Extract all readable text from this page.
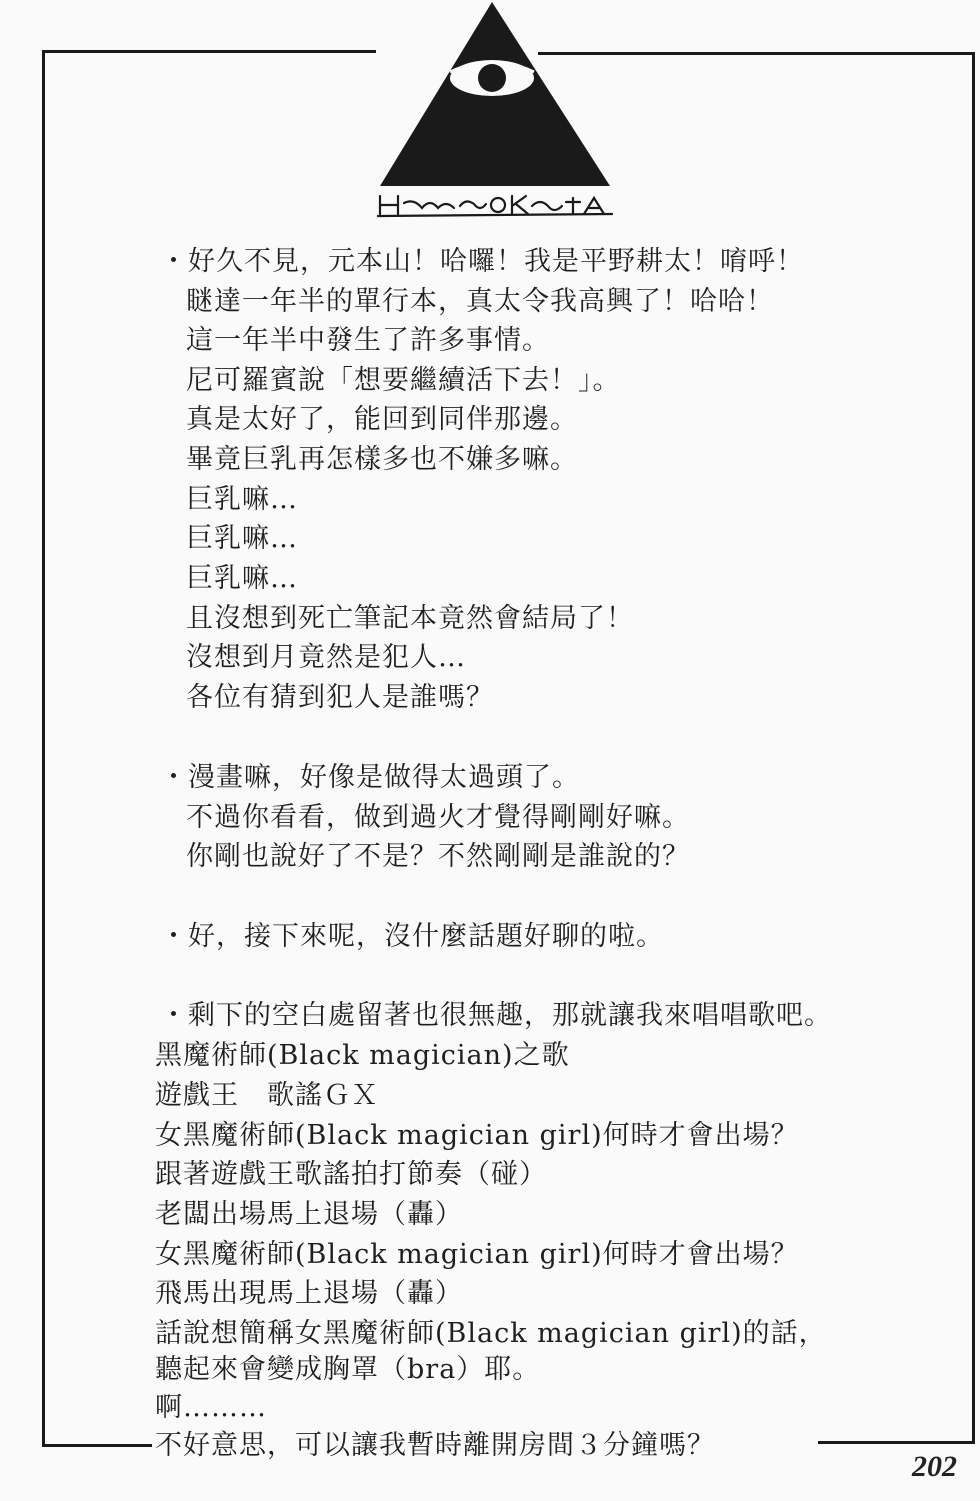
・好久不見，元本山！哈囉！我是平野耕太！唷呼！
瞇達一年半的單行本，真太令我高興了！哈哈！
這一年半中發生了許多事情。
尼可羅賓說「想要繼續活下去！」。
真是太好了，能回到同伴那邊。
畢竟巨乳再怎樣多也不嫌多嘛。
巨乳嘛…
巨乳嘛…
巨乳嘛…
且沒想到死亡筆記本竟然會結局了！
沒想到月竟然是犯人…
各位有猜到犯人是誰嗎？
・漫畫嘛，好像是做得太過頭了。
不過你看看，做到過火才覺得剛剛好嘛。
你剛也說好了不是？不然剛剛是誰說的？
・好，接下來呢，沒什麼話題好聊的啦。
・剩下的空白處留著也很無趣，那就讓我來唱唱歌吧。
黑魔術師(Black magician)之歌
遊戲王　歌謠ＧＸ
女黑魔術師(Black magician girl)何時才會出場？
跟著遊戲王歌謠拍打節奏（碰）
老闆出場馬上退場（轟）
女黑魔術師(Black magician girl)何時才會出場？
飛馬出現馬上退場（轟）
話說想簡稱女黑魔術師(Black magician girl)的話，
聽起來會變成胸罩（bra）耶。
啊………
不好意思，可以讓我暫時離開房間３分鐘嗎？
202
